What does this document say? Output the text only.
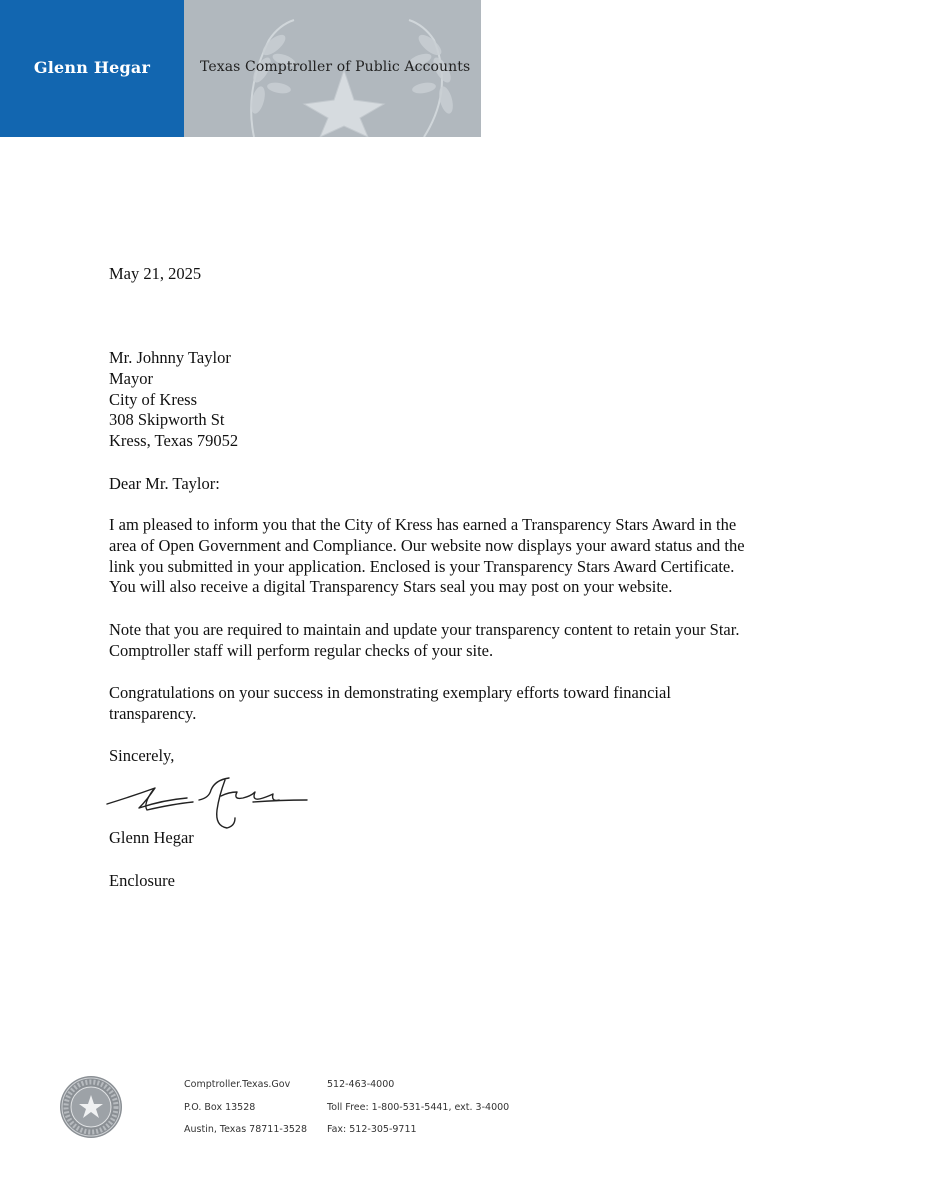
Glenn Hegar	Texas Comptroller of Public Accounts
May 21, 2025
Mr. Johnny Taylor
Mayor
City of Kress
308 Skipworth St
Kress, Texas 79052
Dear Mr. Taylor:
I am pleased to inform you that the City of Kress has earned a Transparency Stars Award in the
area of Open Government and Compliance. Our website now displays your award status and the
link you submitted in your application. Enclosed is your Transparency Stars Award Certificate.
You will also receive a digital Transparency Stars seal you may post on your website.
Note that you are required to maintain and update your transparency content to retain your Star.
Comptroller staff will perform regular checks of your site.
Congratulations on your success in demonstrating exemplary efforts toward financial
transparency.
Sincerely,
Glenn Hegar
Enclosure
Comptroller.Texas.Gov
P.O. Box 13528
Austin, Texas 78711-3528
512-463-4000
Toll Free: 1-800-531-5441, ext. 3-4000
Fax: 512-305-9711
